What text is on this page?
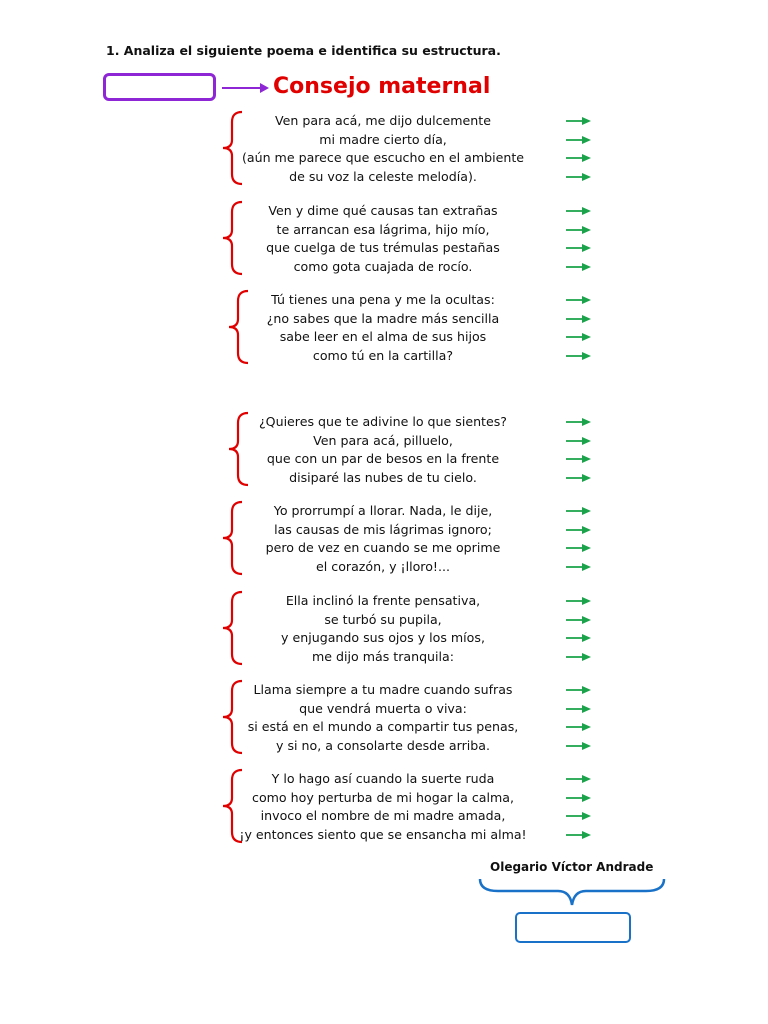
1. Analiza el siguiente poema e identifica su estructura.
Consejo maternal
Ven para acá, me dijo dulcemente
mi madre cierto día,
(aún me parece que escucho en el ambiente
de su voz la celeste melodía).
Ven y dime qué causas tan extrañas
te arrancan esa lágrima, hijo mío,
que cuelga de tus trémulas pestañas
como gota cuajada de rocío.
Tú tienes una pena y me la ocultas:
¿no sabes que la madre más sencilla
sabe leer en el alma de sus hijos
como tú en la cartilla?
¿Quieres que te adivine lo que sientes?
Ven para acá, pilluelo,
que con un par de besos en la frente
disiparé las nubes de tu cielo.
Yo prorrumpí a llorar. Nada, le dije,
las causas de mis lágrimas ignoro;
pero de vez en cuando se me oprime
el corazón, y ¡lloro!...
Ella inclinó la frente pensativa,
se turbó su pupila,
y enjugando sus ojos y los míos,
me dijo más tranquila:
Llama siempre a tu madre cuando sufras
que vendrá muerta o viva:
si está en el mundo a compartir tus penas,
y si no, a consolarte desde arriba.
Y lo hago así cuando la suerte ruda
como hoy perturba de mi hogar la calma,
invoco el nombre de mi madre amada,
¡y entonces siento que se ensancha mi alma!
Olegario Víctor Andrade
